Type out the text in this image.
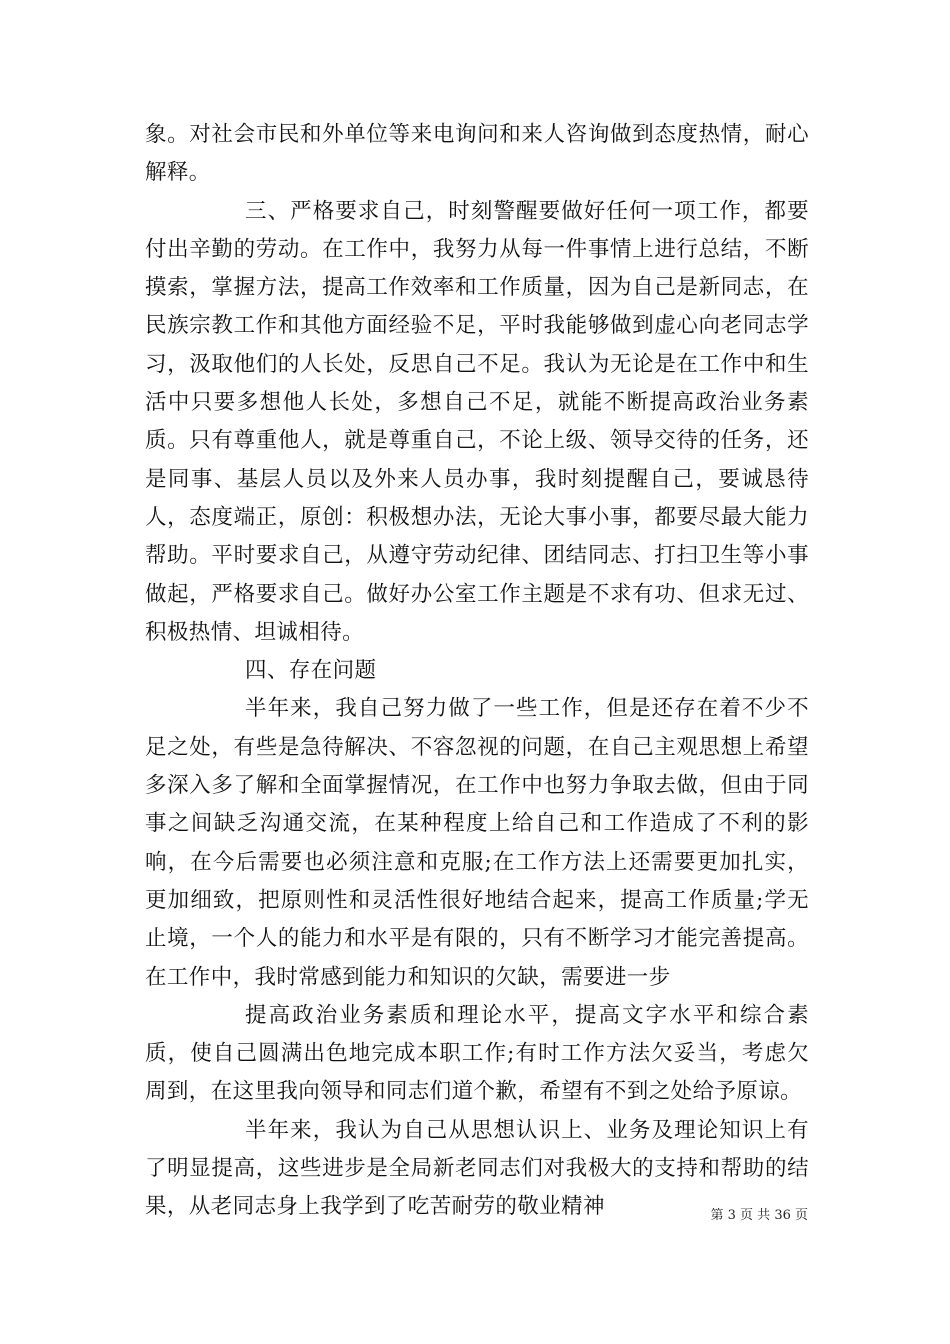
象。对社会市民和外单位等来电询问和来人咨询做到态度热情，耐心解释。

三、严格要求自己，时刻警醒要做好任何一项工作，都要付出辛勤的劳动。在工作中，我努力从每一件事情上进行总结，不断摸索，掌握方法，提高工作效率和工作质量，因为自己是新同志，在民族宗教工作和其他方面经验不足，平时我能够做到虚心向老同志学习，汲取他们的人长处，反思自己不足。我认为无论是在工作中和生活中只要多想他人长处，多想自己不足，就能不断提高政治业务素质。只有尊重他人，就是尊重自己，不论上级、领导交待的任务，还是同事、基层人员以及外来人员办事，我时刻提醒自己，要诚恳待人，态度端正，原创：积极想办法，无论大事小事，都要尽最大能力帮助。平时要求自己，从遵守劳动纪律、团结同志、打扫卫生等小事做起，严格要求自己。做好办公室工作主题是不求有功、但求无过、积极热情、坦诚相待。

四、存在问题

半年来，我自己努力做了一些工作，但是还存在着不少不足之处，有些是急待解决、不容忽视的问题，在自己主观思想上希望多深入多了解和全面掌握情况，在工作中也努力争取去做，但由于同事之间缺乏沟通交流，在某种程度上给自己和工作造成了不利的影响，在今后需要也必须注意和克服;在工作方法上还需要更加扎实，更加细致，把原则性和灵活性很好地结合起来，提高工作质量;学无止境，一个人的能力和水平是有限的，只有不断学习才能完善提高。在工作中，我时常感到能力和知识的欠缺，需要进一步

提高政治业务素质和理论水平，提高文字水平和综合素质，使自己圆满出色地完成本职工作;有时工作方法欠妥当，考虑欠周到，在这里我向领导和同志们道个歉，希望有不到之处给予原谅。

半年来，我认为自己从思想认识上、业务及理论知识上有了明显提高，这些进步是全局新老同志们对我极大的支持和帮助的结果，从老同志身上我学到了吃苦耐劳的敬业精神	第 3 页 共 36 页
